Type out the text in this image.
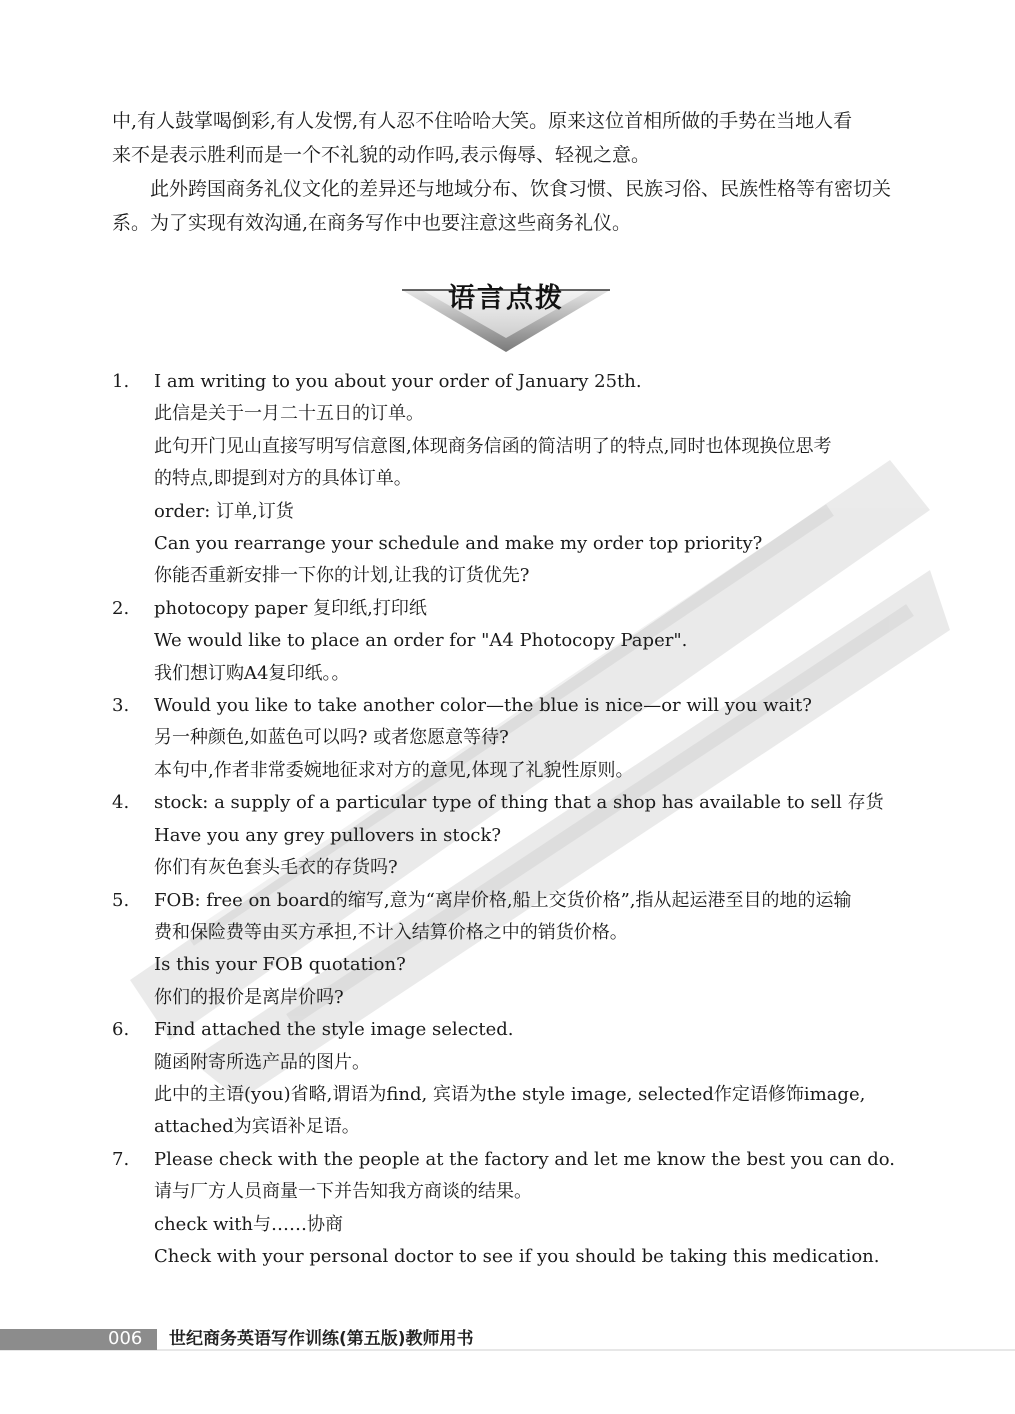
中,有人鼓掌喝倒彩,有人发愣,有人忍不住哈哈大笑。原来这位首相所做的手势在当地人看
来不是表示胜利而是一个不礼貌的动作吗,表示侮辱、轻视之意。

此外跨国商务礼仪文化的差异还与地域分布、饮食习惯、民族习俗、民族性格等有密切关
系。为了实现有效沟通,在商务写作中也要注意这些商务礼仪。

语言点拨
1. I am writing to you about your order of January 25th.
此信是关于一月二十五日的订单。
此句开门见山直接写明写信意图,体现商务信函的简洁明了的特点,同时也体现换位思考
的特点,即提到对方的具体订单。
order: 订单,订货
Can you rearrange your schedule and make my order top priority?
你能否重新安排一下你的计划,让我的订货优先?
2. photocopy paper 复印纸,打印纸
We would like to place an order for "A4 Photocopy Paper".
我们想订购A4复印纸。。
3. Would you like to take another color—the blue is nice—or will you wait?
另一种颜色,如蓝色可以吗? 或者您愿意等待?
本句中,作者非常委婉地征求对方的意见,体现了礼貌性原则。
4. stock: a supply of a particular type of thing that a shop has available to sell 存货
Have you any grey pullovers in stock?
你们有灰色套头毛衣的存货吗?
5. FOB: free on board的缩写,意为“离岸价格,船上交货价格”,指从起运港至目的地的运输
费和保险费等由买方承担,不计入结算价格之中的销货价格。
Is this your FOB quotation?
你们的报价是离岸价吗?
6. Find attached the style image selected.
随函附寄所选产品的图片。
此中的主语(you)省略,谓语为find, 宾语为the style image, selected作定语修饰image,
attached为宾语补足语。
7. Please check with the people at the factory and let me know the best you can do.
请与厂方人员商量一下并告知我方商谈的结果。
check with与……协商
Check with your personal doctor to see if you should be taking this medication.
006 世纪商务英语写作训练(第五版)教师用书
